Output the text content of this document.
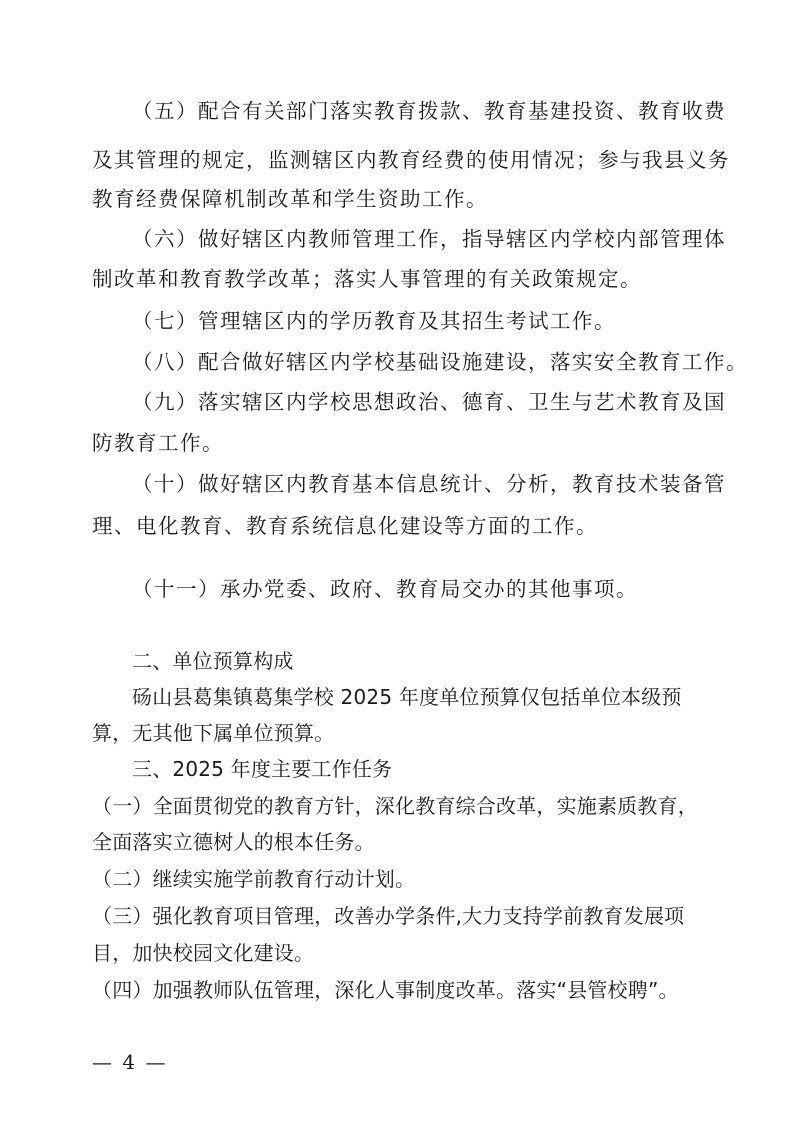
（五）配合有关部门落实教育拨款、教育基建投资、教育收费
及其管理的规定，监测辖区内教育经费的使用情况；参与我县义务
教育经费保障机制改革和学生资助工作。
（六）做好辖区内教师管理工作，指导辖区内学校内部管理体
制改革和教育教学改革；落实人事管理的有关政策规定。
（七）管理辖区内的学历教育及其招生考试工作。
（八）配合做好辖区内学校基础设施建设，落实安全教育工作。
（九）落实辖区内学校思想政治、德育、卫生与艺术教育及国
防教育工作。
（十）做好辖区内教育基本信息统计、分析，教育技术装备管
理、电化教育、教育系统信息化建设等方面的工作。
（十一）承办党委、政府、教育局交办的其他事项。
二、单位预算构成
砀山县葛集镇葛集学校 2025 年度单位预算仅包括单位本级预
算，无其他下属单位预算。
三、2025 年度主要工作任务
（一）全面贯彻党的教育方针，深化教育综合改革，实施素质教育，
全面落实立德树人的根本任务。
（二）继续实施学前教育行动计划。
（三）强化教育项目管理，改善办学条件,大力支持学前教育发展项
目，加快校园文化建设。
（四）加强教师队伍管理，深化人事制度改革。落实“县管校聘”。
— 4 —
